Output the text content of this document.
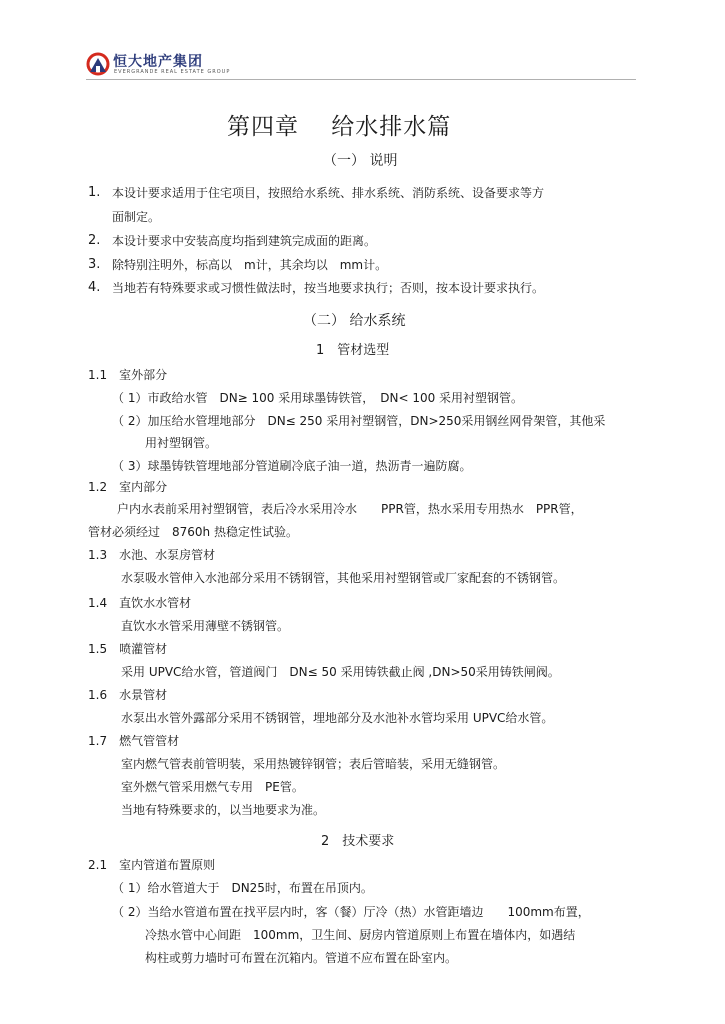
恒大地产集团
EVERGRANDE REAL ESTATE GROUP
第四章　 给水排水篇
（一） 说明
1. 本设计要求适用于住宅项目，按照给水系统、排水系统、消防系统、设备要求等方
面制定。
2. 本设计要求中安装高度均指到建筑完成面的距离。
3. 除特别注明外，标高以　m计，其余均以　mm计。
4. 当地若有特殊要求或习惯性做法时，按当地要求执行；否则，按本设计要求执行。
（二） 给水系统
1　管材选型
1.1　室外部分
（ 1）市政给水管　DN≥ 100 采用球墨铸铁管，　DN< 100 采用衬塑钢管。
（ 2）加压给水管埋地部分　DN≤ 250 采用衬塑钢管，DN>250采用钢丝网骨架管，其他采
用衬塑钢管。
（ 3）球墨铸铁管埋地部分管道刷冷底子油一道，热沥青一遍防腐。
1.2　室内部分
户内水表前采用衬塑钢管，表后冷水采用冷水　　PPR管，热水采用专用热水　PPR管，
管材必须经过　8760h 热稳定性试验。
1.3　水池、水泵房管材
水泵吸水管伸入水池部分采用不锈钢管，其他采用衬塑钢管或厂家配套的不锈钢管。
1.4　直饮水水管材
直饮水水管采用薄壁不锈钢管。
1.5　喷灌管材
采用 UPVC给水管，管道阀门　DN≤ 50 采用铸铁截止阀 ,DN>50采用铸铁闸阀。
1.6　水景管材
水泵出水管外露部分采用不锈钢管，埋地部分及水池补水管均采用 UPVC给水管。
1.7　燃气管管材
室内燃气管表前管明装，采用热镀锌钢管；表后管暗装，采用无缝钢管。
室外燃气管采用燃气专用　PE管。
当地有特殊要求的，以当地要求为准。
2　技术要求
2.1　室内管道布置原则
（ 1）给水管道大于　DN25时，布置在吊顶内。
（ 2）当给水管道布置在找平层内时，客（餐）厅冷（热）水管距墙边　　100mm布置，
冷热水管中心间距　100mm，卫生间、厨房内管道原则上布置在墙体内，如遇结
构柱或剪力墙时可布置在沉箱内。管道不应布置在卧室内。
